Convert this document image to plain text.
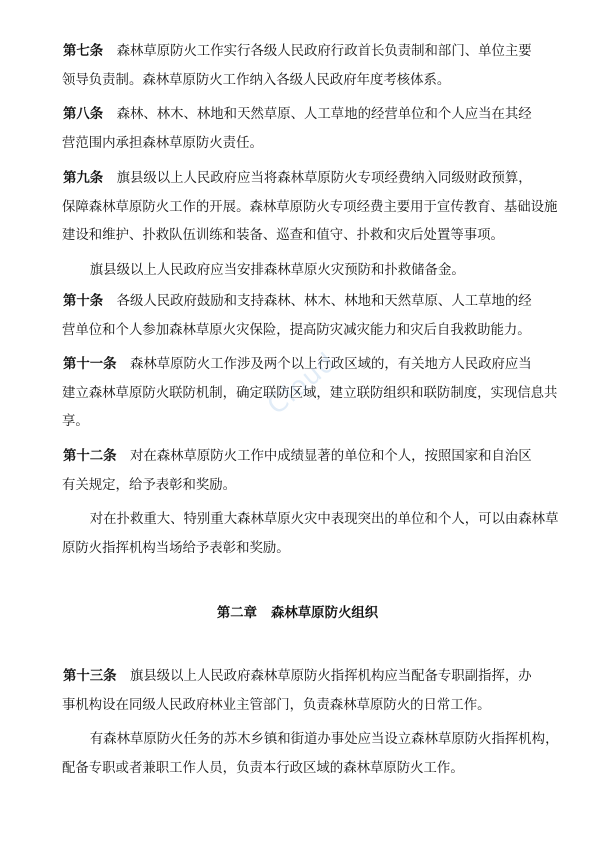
第七条　 森林草原防火工作实行各级人民政府行政首长负责制和部门、单位主要
领导负责制。森林草原防火工作纳入各级人民政府年度考核体系。
第八条　 森林、林木、林地和天然草原、人工草地的经营单位和个人应当在其经
营范围内承担森林草原防火责任。
第九条　 旗县级以上人民政府应当将森林草原防火专项经费纳入同级财政预算，
保障森林草原防火工作的开展。森林草原防火专项经费主要用于宣传教育、基础设施
建设和维护、扑救队伍训练和装备、巡查和值守、扑救和灾后处置等事项。
旗县级以上人民政府应当安排森林草原火灾预防和扑救储备金。
第十条　 各级人民政府鼓励和支持森林、林木、林地和天然草原、人工草地的经
营单位和个人参加森林草原火灾保险，提高防灾减灾能力和灾后自我救助能力。
第十一条　 森林草原防火工作涉及两个以上行政区域的，有关地方人民政府应当
建立森林草原防火联防机制，确定联防区域，建立联防组织和联防制度，实现信息共
享。
第十二条　 对在森林草原防火工作中成绩显著的单位和个人，按照国家和自治区
有关规定，给予表彰和奖励。
对在扑救重大、特别重大森林草原火灾中表现突出的单位和个人，可以由森林草
原防火指挥机构当场给予表彰和奖励。

第二章 森林草原防火组织

第十三条　 旗县级以上人民政府森林草原防火指挥机构应当配备专职副指挥，办
事机构设在同级人民政府林业主管部门，负责森林草原防火的日常工作。
有森林草原防火任务的苏木乡镇和街道办事处应当设立森林草原防火指挥机构，
配备专职或者兼职工作人员，负责本行政区域的森林草原防火工作。
Cloud
